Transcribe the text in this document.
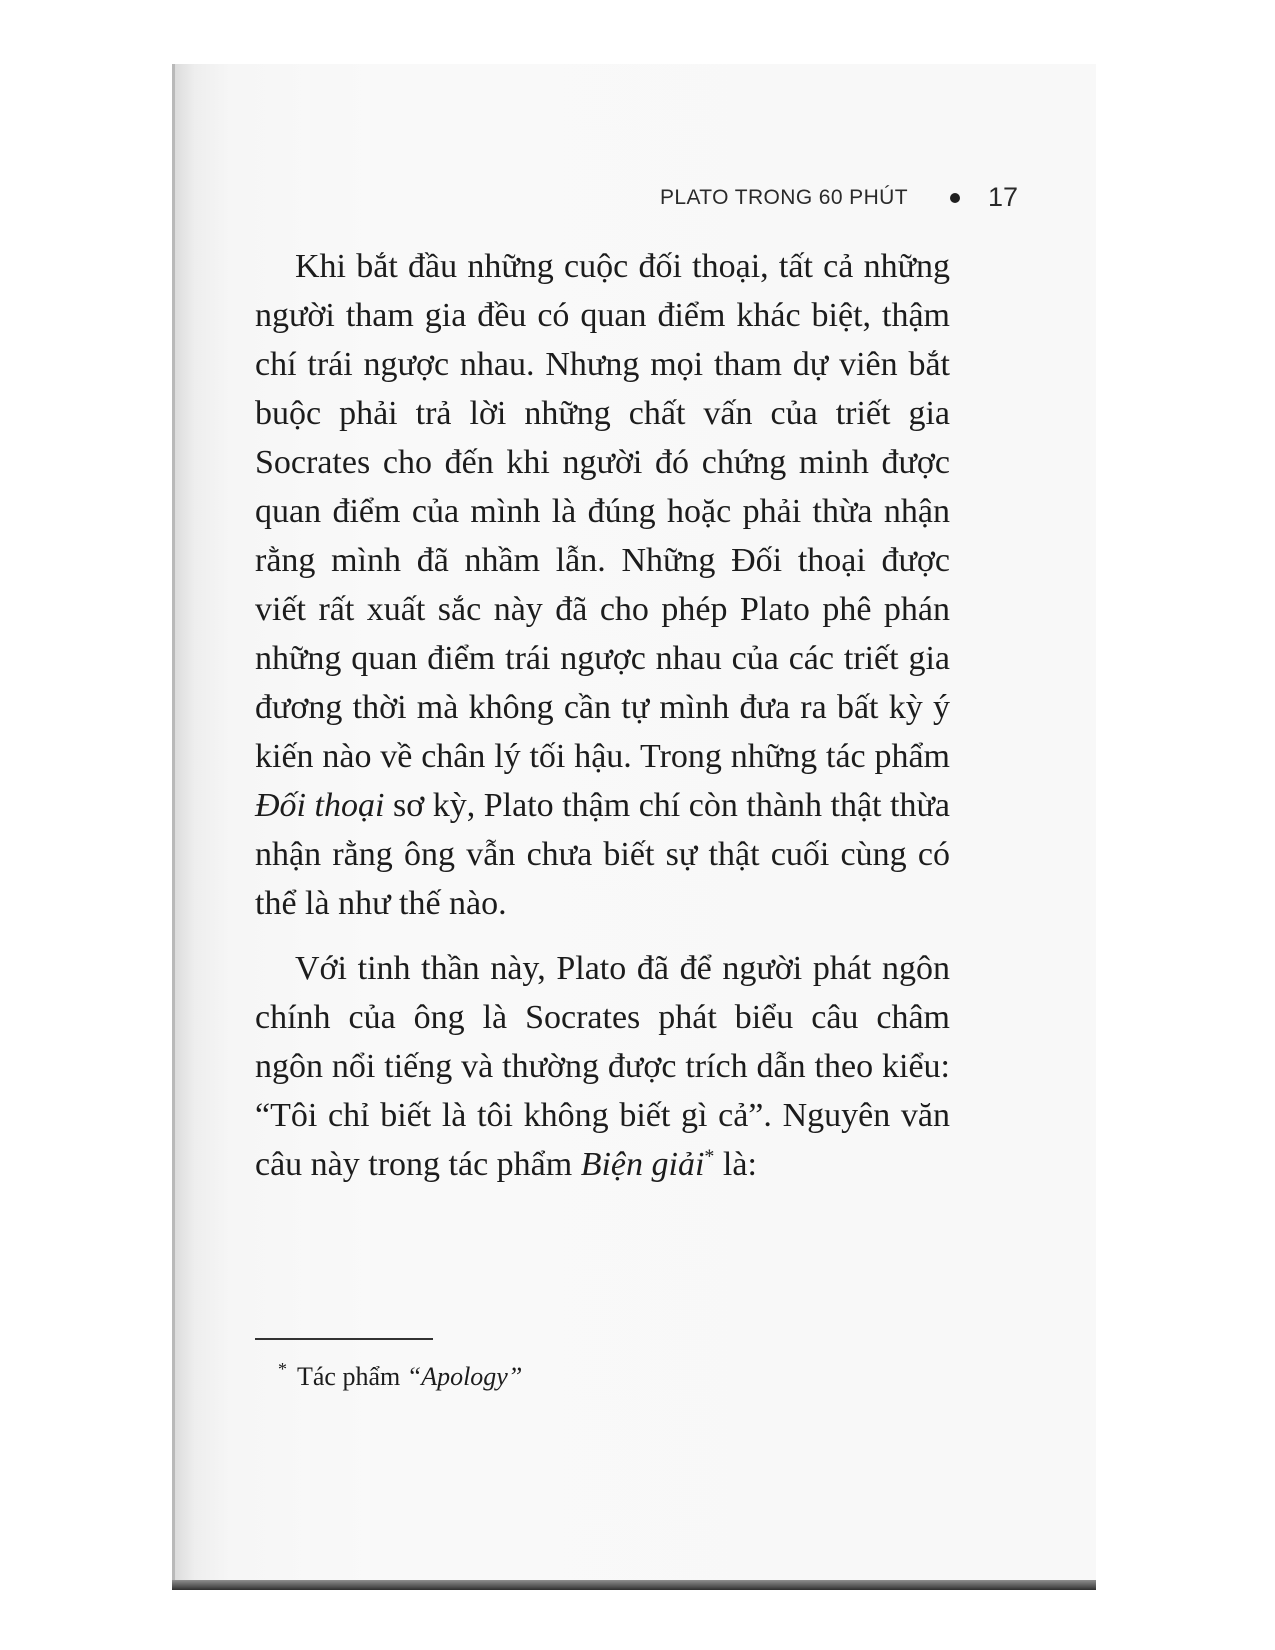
PLATO TRONG 60 PHÚT	17

Khi bắt đầu những cuộc đối thoại, tất cả những người tham gia đều có quan điểm khác biệt, thậm chí trái ngược nhau. Nhưng mọi tham dự viên bắt buộc phải trả lời những chất vấn của triết gia Socrates cho đến khi người đó chứng minh được quan điểm của mình là đúng hoặc phải thừa nhận rằng mình đã nhầm lẫn. Những Đối thoại được viết rất xuất sắc này đã cho phép Plato phê phán những quan điểm trái ngược nhau của các triết gia đương thời mà không cần tự mình đưa ra bất kỳ ý kiến nào về chân lý tối hậu. Trong những tác phẩm Đối thoại sơ kỳ, Plato thậm chí còn thành thật thừa nhận rằng ông vẫn chưa biết sự thật cuối cùng có thể là như thế nào.

Với tinh thần này, Plato đã để người phát ngôn chính của ông là Socrates phát biểu câu châm ngôn nổi tiếng và thường được trích dẫn theo kiểu: “Tôi chỉ biết là tôi không biết gì cả”. Nguyên văn câu này trong tác phẩm Biện giải* là:

* Tác phẩm “Apology”
